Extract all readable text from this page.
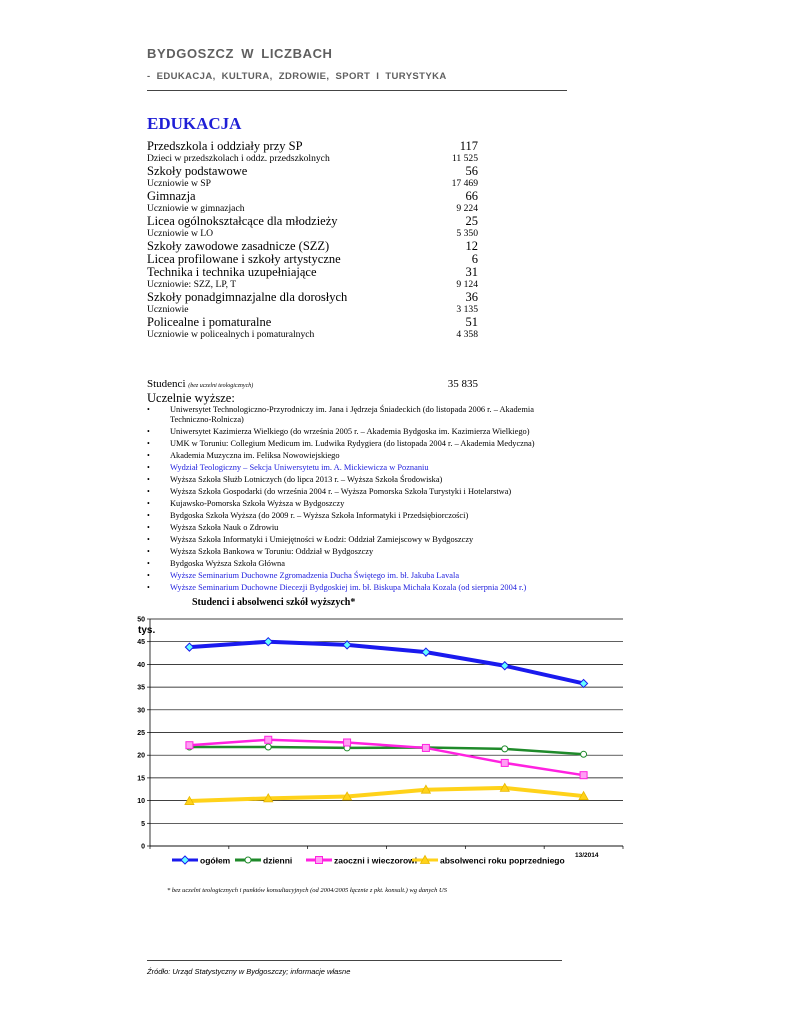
BYDGOSZCZ W LICZBACH
- EDUKACJA, KULTURA, ZDROWIE, SPORT I TURYSTYKA
EDUKACJA
Przedszkola i oddziały przy SP	117
Dzieci w przedszkolach i oddz. przedszkolnych	11 525
Szkoły podstawowe	56
Uczniowie w SP	17 469
Gimnazja	66
Uczniowie w gimnazjach	9 224
Licea ogólnokształcące dla młodzieży	25
Uczniowie w LO	5 350
Szkoły zawodowe zasadnicze (SZZ)	12
Licea profilowane i szkoły artystyczne	6
Technika i technika uzupełniające	31
Uczniowie: SZZ, LP, T	9 124
Szkoły ponadgimnazjalne dla dorosłych	36
Uczniowie	3 135
Policealne i pomaturalne	51
Uczniowie w policealnych i pomaturalnych	4 358
Studenci (bez uczelni teologicznych)	35 835
Uczelnie wyższe:
• Uniwersytet Technologiczno-Przyrodniczy im. Jana i Jędrzeja Śniadeckich (do listopada 2006 r. – Akademia Techniczno-Rolnicza)
• Uniwersytet Kazimierza Wielkiego (do września 2005 r. – Akademia Bydgoska im. Kazimierza Wielkiego)
• UMK w Toruniu: Collegium Medicum im. Ludwika Rydygiera (do listopada 2004 r. – Akademia Medyczna)
• Akademia Muzyczna im. Feliksa Nowowiejskiego
• Wydział Teologiczny – Sekcja Uniwersytetu im. A. Mickiewicza w Poznaniu
• Wyższa Szkoła Służb Lotniczych (do lipca 2013 r. – Wyższa Szkoła Środowiska)
• Wyższa Szkoła Gospodarki (do września 2004 r. – Wyższa Pomorska Szkoła Turystyki i Hotelarstwa)
• Kujawsko-Pomorska Szkoła Wyższa w Bydgoszczy
• Bydgoska Szkoła Wyższa (do 2009 r. – Wyższa Szkoła Informatyki i Przedsiębiorczości)
• Wyższa Szkoła Nauk o Zdrowiu
• Wyższa Szkoła Informatyki i Umiejętności w Łodzi: Oddział Zamiejscowy w Bydgoszczy
• Wyższa Szkoła Bankowa w Toruniu: Oddział w Bydgoszczy
• Bydgoska Wyższa Szkoła Główna
• Wyższe Seminarium Duchowne Zgromadzenia Ducha Świętego im. bł. Jakuba Lavala
• Wyższe Seminarium Duchowne Diecezji Bydgoskiej im. bł. Biskupa Michała Kozala (od sierpnia 2004 r.)
Studenci i absolwenci szkół wyższych*
0
5
10
15
20
25
30
35
40
45
50
tys.
13/2014
ogółem	dzienni	zaoczni i wieczorowi	absolwenci roku poprzedniego
* bez uczelni teologicznych i punktów konsultacyjnych (od 2004/2005 łącznie z pkt. konsult.) wg danych US
Źródło: Urząd Statystyczny w Bydgoszczy; informacje własne
